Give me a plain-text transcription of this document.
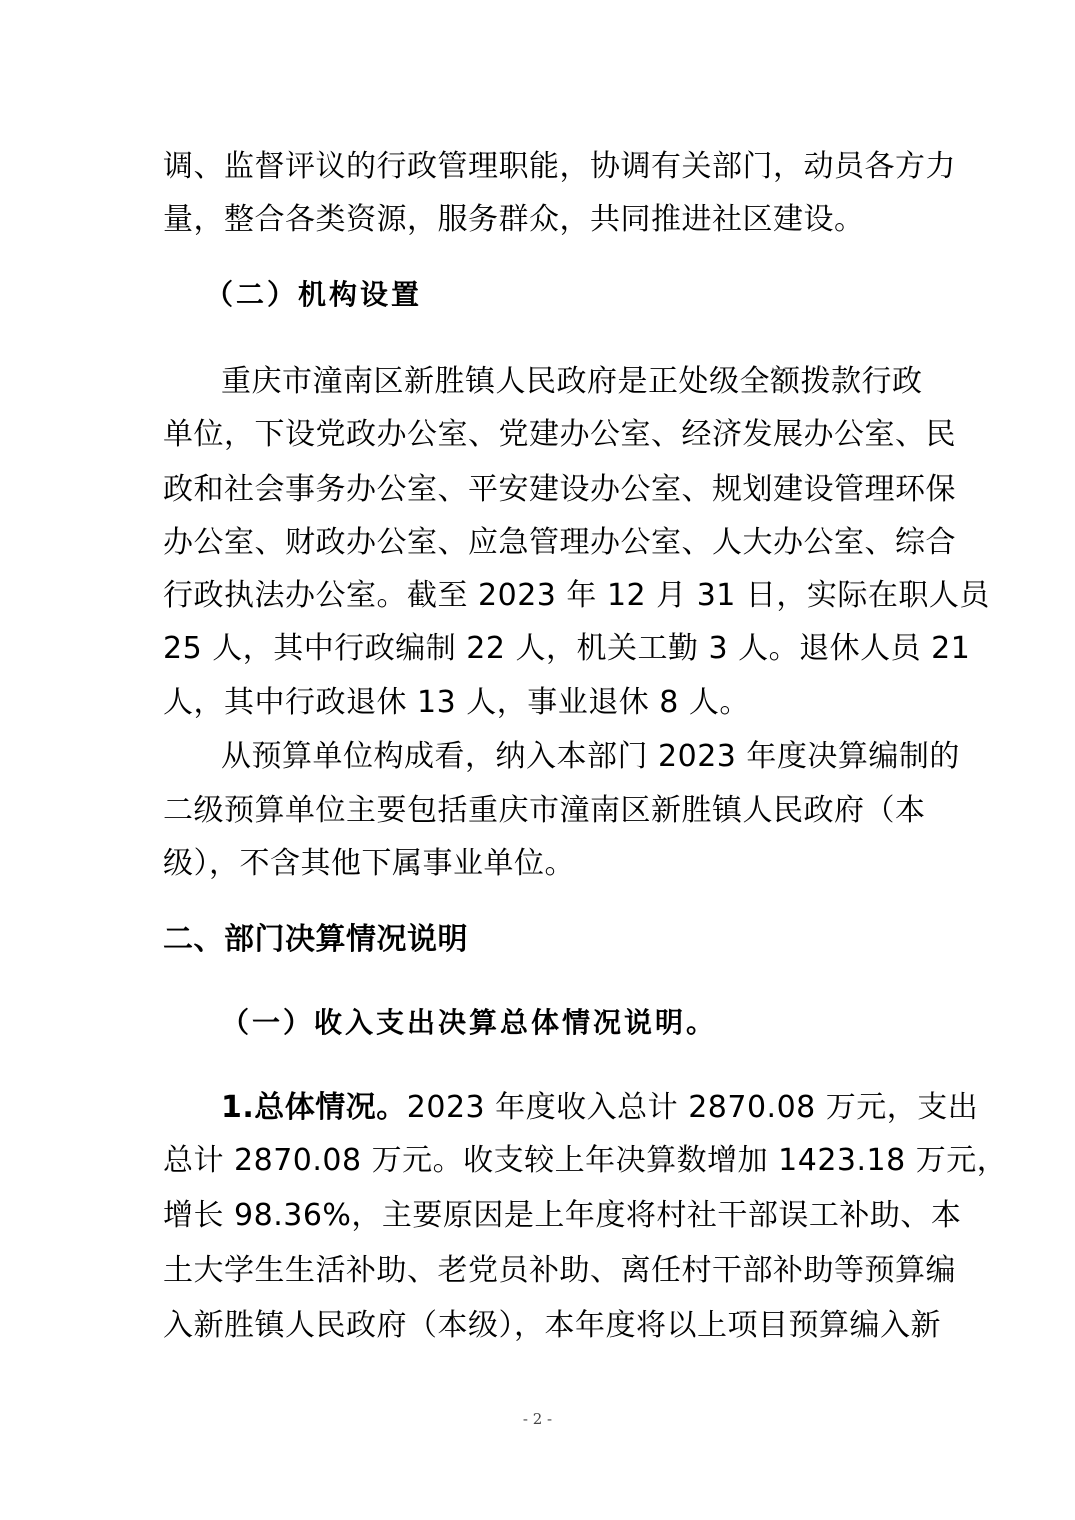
调、监督评议的行政管理职能，协调有关部门，动员各方力
量，整合各类资源，服务群众，共同推进社区建设。
（二）机构设置
重庆市潼南区新胜镇人民政府是正处级全额拨款行政
单位，下设党政办公室、党建办公室、经济发展办公室、民
政和社会事务办公室、平安建设办公室、规划建设管理环保
办公室、财政办公室、应急管理办公室、人大办公室、综合
行政执法办公室。截至 2023 年 12 月 31 日，实际在职人员
25 人，其中行政编制 22 人，机关工勤 3 人。退休人员 21
人，其中行政退休 13 人，事业退休 8 人。
从预算单位构成看，纳入本部门 2023 年度决算编制的
二级预算单位主要包括重庆市潼南区新胜镇人民政府（本
级），不含其他下属事业单位。
二、部门决算情况说明
（一）收入支出决算总体情况说明。
1.总体情况。 2023 年度收入总计 2870.08 万元，支出
总计 2870.08 万元。收支较上年决算数增加 1423.18 万元，
增长 98.36%，主要原因是上年度将村社干部误工补助、本
土大学生生活补助、老党员补助、离任村干部补助等预算编
入新胜镇人民政府（本级），本年度将以上项目预算编入新
- 2 -
